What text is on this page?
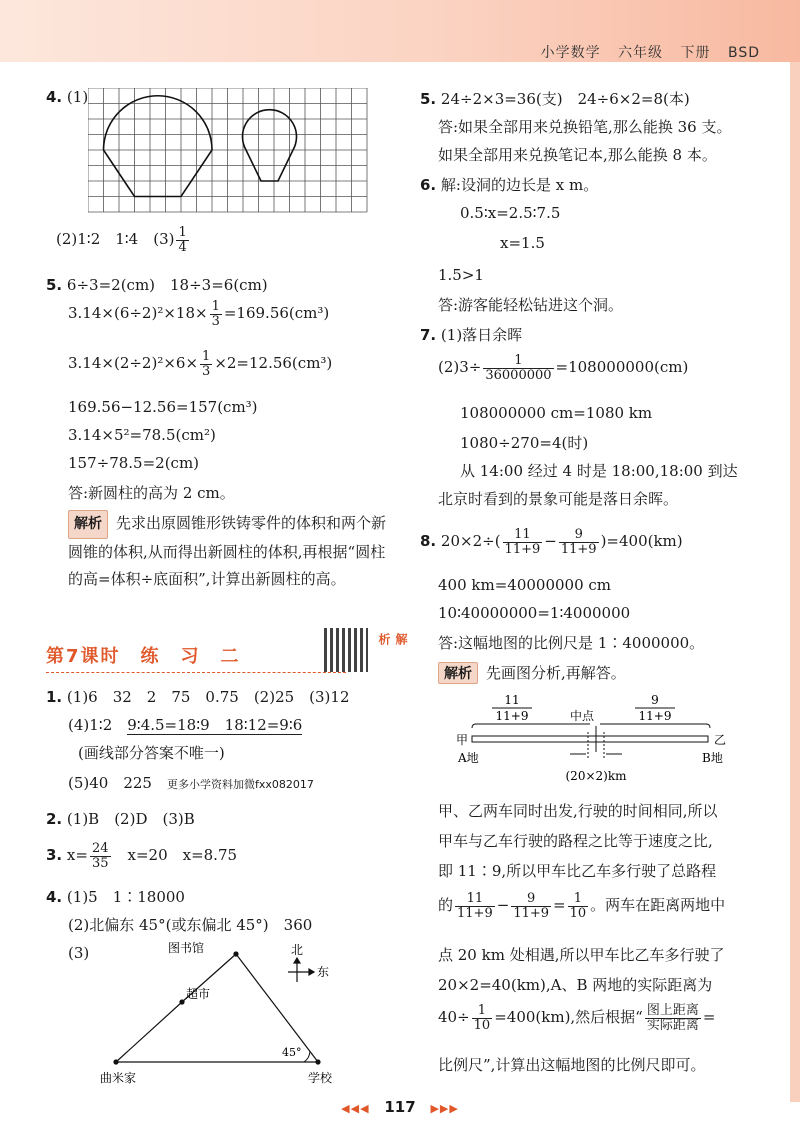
小学数学 六年级 下册 BSD
4. (1)
(2)1∶2　1∶4　$(3) \frac{1}{4}$
5. 6÷3=2(cm)　18÷3=6(cm)
$3.14\times(6\div 2)^2\times 18\times \frac{1}{3} =169.56(cm^3)$
$3.14\times(2\div 2)^2\times 6\times \frac{1}{3} \times 2=12.56(cm^3)$
169.56−12.56=157(cm³)
3.14×5²=78.5(cm²)
157÷78.5=2(cm)
答:新圆柱的高为 2 cm。
解析 先求出原圆锥形铁铸零件的体积和两个新圆锥的体积,从而得出新圆柱的体积,再根据“圆柱的高=体积÷底面积”,计算出新圆柱的高。
第7课时　练　习　二
解析
1. (1)6　32　2　75　0.75　(2)25　(3)12
(4)1∶2　9∶4.5=18∶9　18∶12=9∶6
(画线部分答案不唯一)
(5)40　225　 更多小学资料加微fxx082017
2. (1)B　(2)D　(3)B
3. $x= \frac{24}{35}$ 　x=20　x=8.75
4. (1)5　1∶18000
(2)北偏东 45°(或东偏北 45°)　360
(3)	图书馆
超市
曲米家	学校
45°
北
东
5. 24÷2×3=36(支)　24÷6×2=8(本)
答:如果全部用来兑换铅笔,那么能换 36 支。
如果全部用来兑换笔记本,那么能换 8 本。
6. 解:设洞的边长是 x m。
0.5∶x=2.5∶7.5
x=1.5
1.5>1
答:游客能轻松钻进这个洞。
7. (1)落日余晖
$(2)3\div \frac{1}{36000000} =108000000(cm)$
108000000 cm=1080 km
1080÷270=4(时)
从 14:00 经过 4 时是 18:00,18:00 到达
北京时看到的景象可能是落日余晖。
8. $20\times 2\div( \frac{11}{11+9} - \frac{9}{11+9} )=400(km)$
400 km=40000000 cm
10∶40000000=1∶4000000
答:这幅地图的比例尺是 1∶4000000。
解析 先画图分析,再解答。
11
11+9
9
11+9
中点
甲	乙
A地	B地
(20×2)km
甲、乙两车同时出发,行驶的时间相同,所以
甲车与乙车行驶的路程之比等于速度之比,
即 11∶9,所以甲车比乙车多行驶了总路程
的 $\frac{11}{11+9} - \frac{9}{11+9} = \frac{1}{10}$ 。两车在距离两地中
点 20 km 处相遇,所以甲车比乙车多行驶了
20×2=40(km),A、B 两地的实际距离为
$40\div \frac{1}{10} =400(km)$,然后根据“ $\frac{\text{图上距离}}{\text{实际距离}}$ =
比例尺”,计算出这幅地图的比例尺即可。
◀◀◀ 117 ▶▶▶
